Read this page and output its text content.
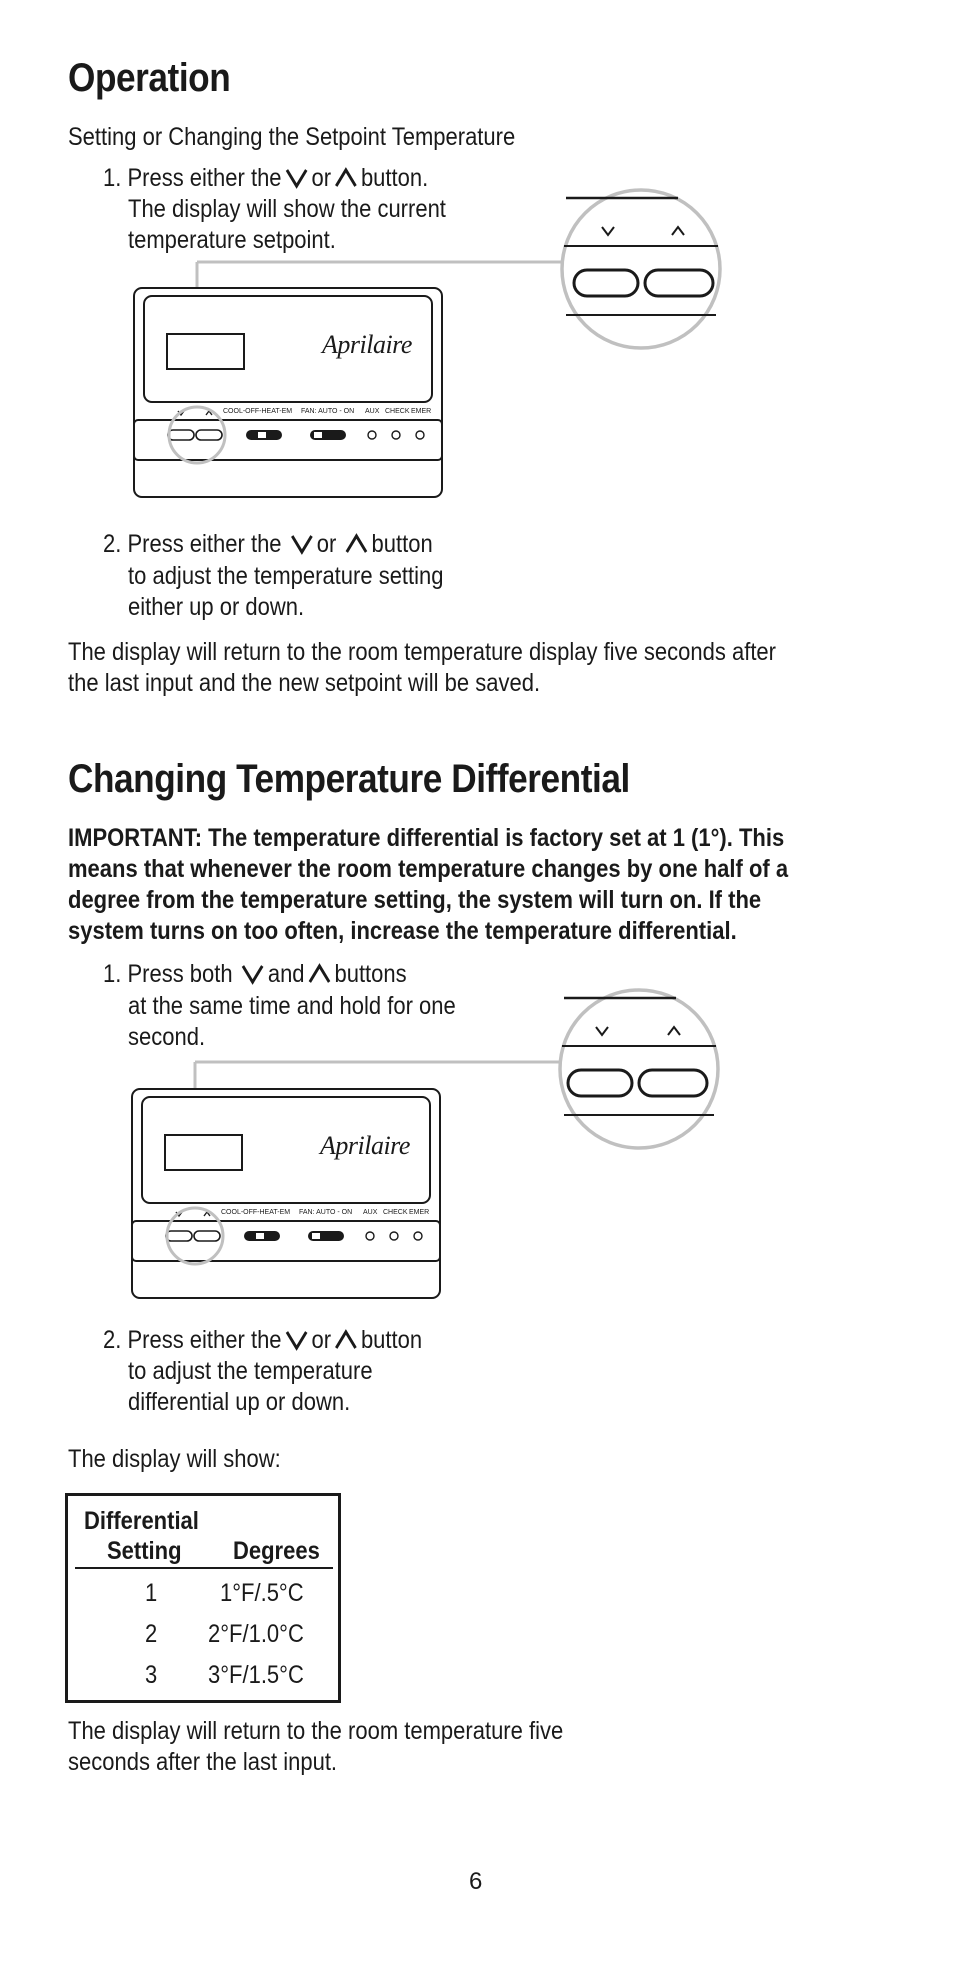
Operation
Setting or Changing the Setpoint Temperature
1. Press either the or button.
The display will show the current
temperature setpoint.
Aprilaire
COOL-OFF-HEAT-EM FAN: AUTO - ON AUX CHECK EMER
2. Press either the or button
to adjust the temperature setting
either up or down.
The display will return to the room temperature display five seconds after
the last input and the new setpoint will be saved.
Changing Temperature Differential
IMPORTANT: The temperature differential is factory set at 1 (1°). This
means that whenever the room temperature changes by one half of a
degree from the temperature setting, the system will turn on. If the
system turns on too often, increase the temperature differential.
1. Press both and buttons
at the same time and hold for one
second.
Aprilaire
COOL-OFF-HEAT-EM FAN: AUTO - ON AUX CHECK EMER
2. Press either the or button
to adjust the temperature
differential up or down.
The display will show:
Differential
Setting Degrees
1	1°F/.5°C
2 2°F/1.0°C
3 3°F/1.5°C
The display will return to the room temperature five
seconds after the last input.
6
